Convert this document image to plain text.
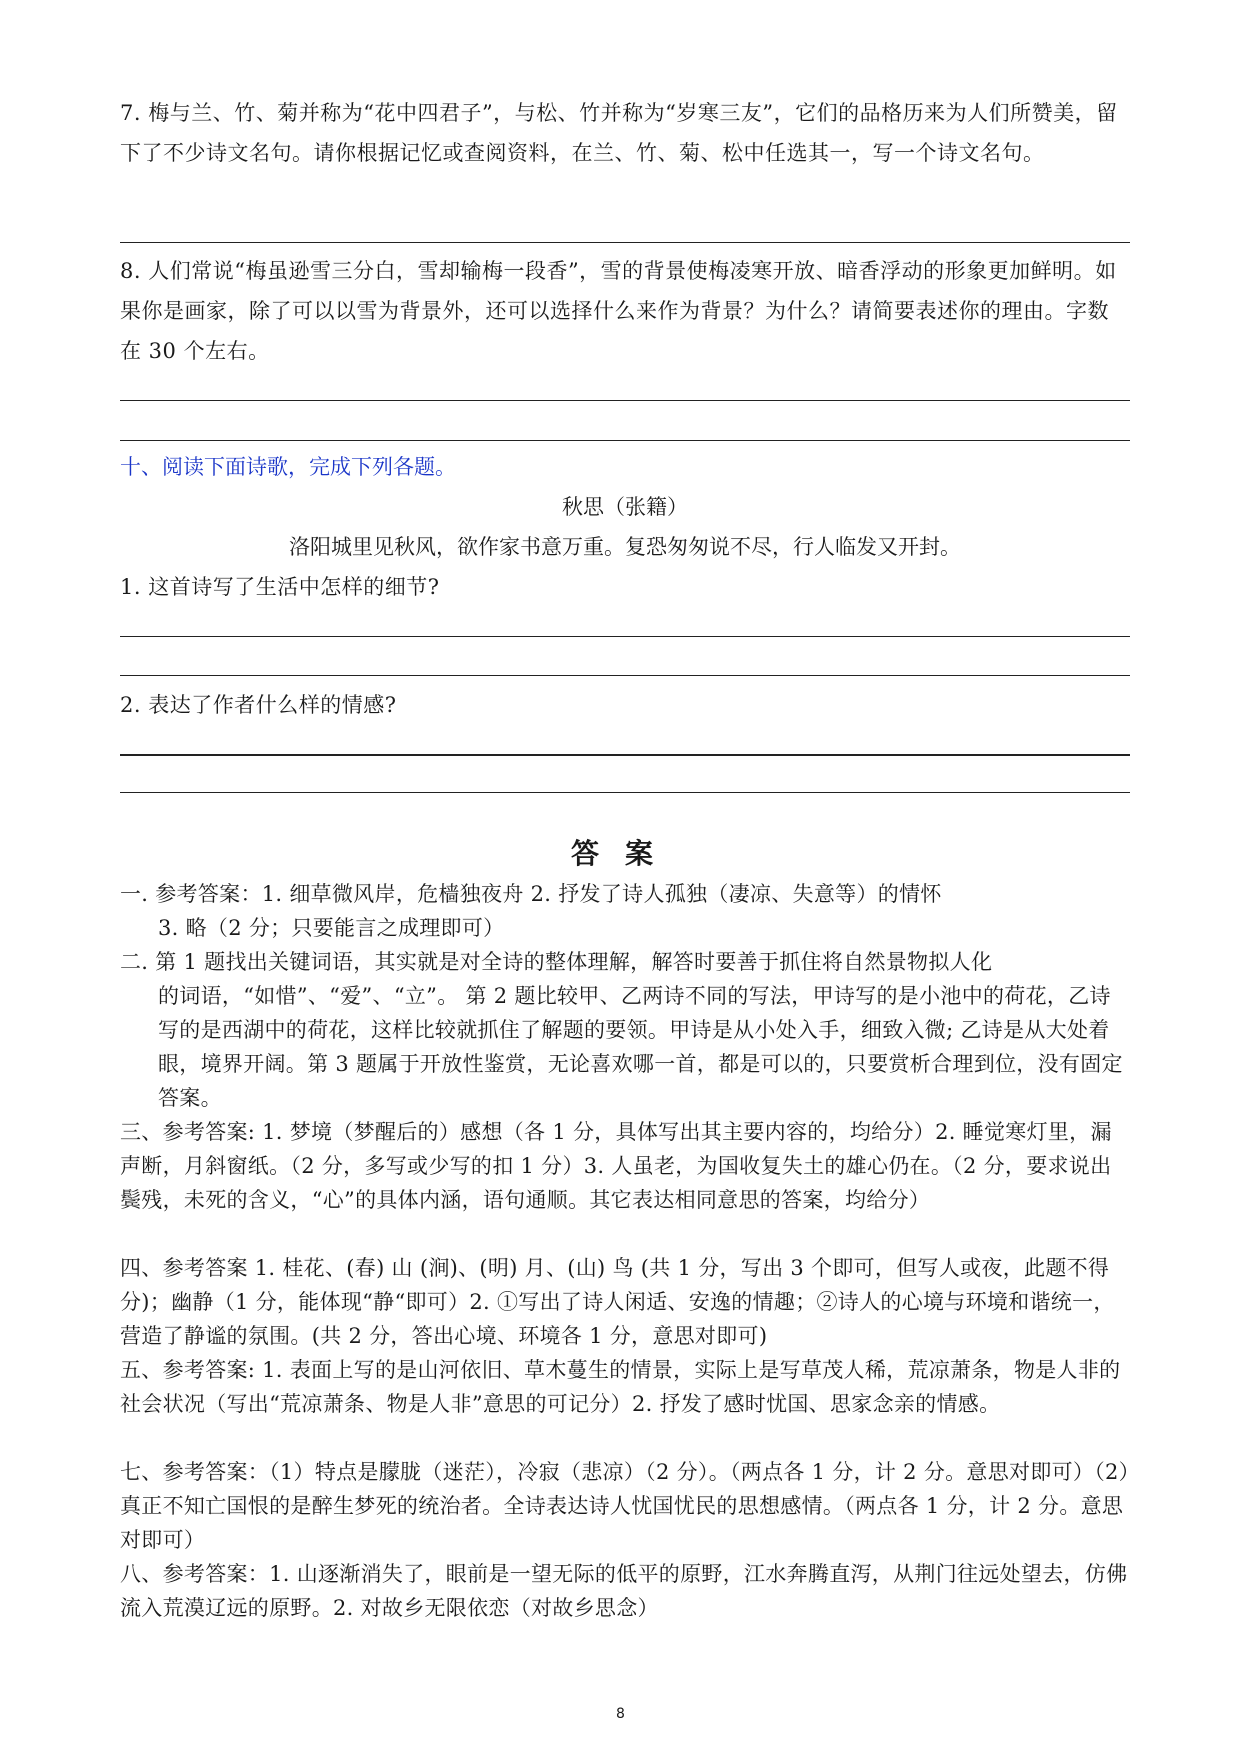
7. 梅与兰、竹、菊并称为“花中四君子”，与松、竹并称为“岁寒三友”，它们的品格历来为人们所赞美，留下了不少诗文名句。请你根据记忆或查阅资料，在兰、竹、菊、松中任选其一，写一个诗文名句。

8. 人们常说“梅虽逊雪三分白，雪却输梅一段香”，雪的背景使梅凌寒开放、暗香浮动的形象更加鲜明。如果你是画家，除了可以以雪为背景外，还可以选择什么来作为背景？为什么？请简要表述你的理由。字数在 30 个左右。

十、阅读下面诗歌，完成下列各题。

秋思（张籍）

洛阳城里见秋风，欲作家书意万重。复恐匆匆说不尽，行人临发又开封。

1. 这首诗写了生活中怎样的细节?

2. 表达了作者什么样的情感?

答案

一. 参考答案：1. 细草微风岸，危樯独夜舟 2. 抒发了诗人孤独（凄凉、失意等）的情怀
3. 略（2 分；只要能言之成理即可）
二. 第 1 题找出关键词语，其实就是对全诗的整体理解，解答时要善于抓住将自然景物拟人化
的词语，“如惜”、“爱”、“立”。 第 2 题比较甲、乙两诗不同的写法，甲诗写的是小池中的荷花，乙诗写的是西湖中的荷花，这样比较就抓住了解题的要领。甲诗是从小处入手，细致入微; 乙诗是从大处着眼，境界开阔。第 3 题属于开放性鉴赏，无论喜欢哪一首，都是可以的，只要赏析合理到位，没有固定答案。

三、参考答案: 1. 梦境（梦醒后的）感想（各 1 分，具体写出其主要内容的，均给分）2. 睡觉寒灯里，漏声断，月斜窗纸。（2 分，多写或少写的扣 1 分）3. 人虽老，为国收复失土的雄心仍在。（2 分，要求说出鬓残，未死的含义，“心”的具体内涵，语句通顺。其它表达相同意思的答案，均给分）

四、参考答案 1. 桂花、(春) 山 (涧)、(明) 月、(山) 鸟 (共 1 分，写出 3 个即可，但写人或夜，此题不得分)；幽静（1 分，能体现“静“即可）2. ①写出了诗人闲适、安逸的情趣；②诗人的心境与环境和谐统一，营造了静谧的氛围。(共 2 分，答出心境、环境各 1 分，意思对即可)

五、参考答案: 1. 表面上写的是山河依旧、草木蔓生的情景，实际上是写草茂人稀，荒凉萧条，物是人非的社会状况（写出“荒凉萧条、物是人非”意思的可记分）2. 抒发了感时忧国、思家念亲的情感。

七、参考答案：（1）特点是朦胧（迷茫），冷寂（悲凉）（2 分）。（两点各 1 分，计 2 分。意思对即可）（2）真正不知亡国恨的是醉生梦死的统治者。全诗表达诗人忧国忧民的思想感情。（两点各 1 分，计 2 分。意思对即可）

八、参考答案：1. 山逐渐消失了，眼前是一望无际的低平的原野，江水奔腾直泻，从荆门往远处望去，仿佛流入荒漠辽远的原野。2. 对故乡无限依恋（对故乡思念）

8
